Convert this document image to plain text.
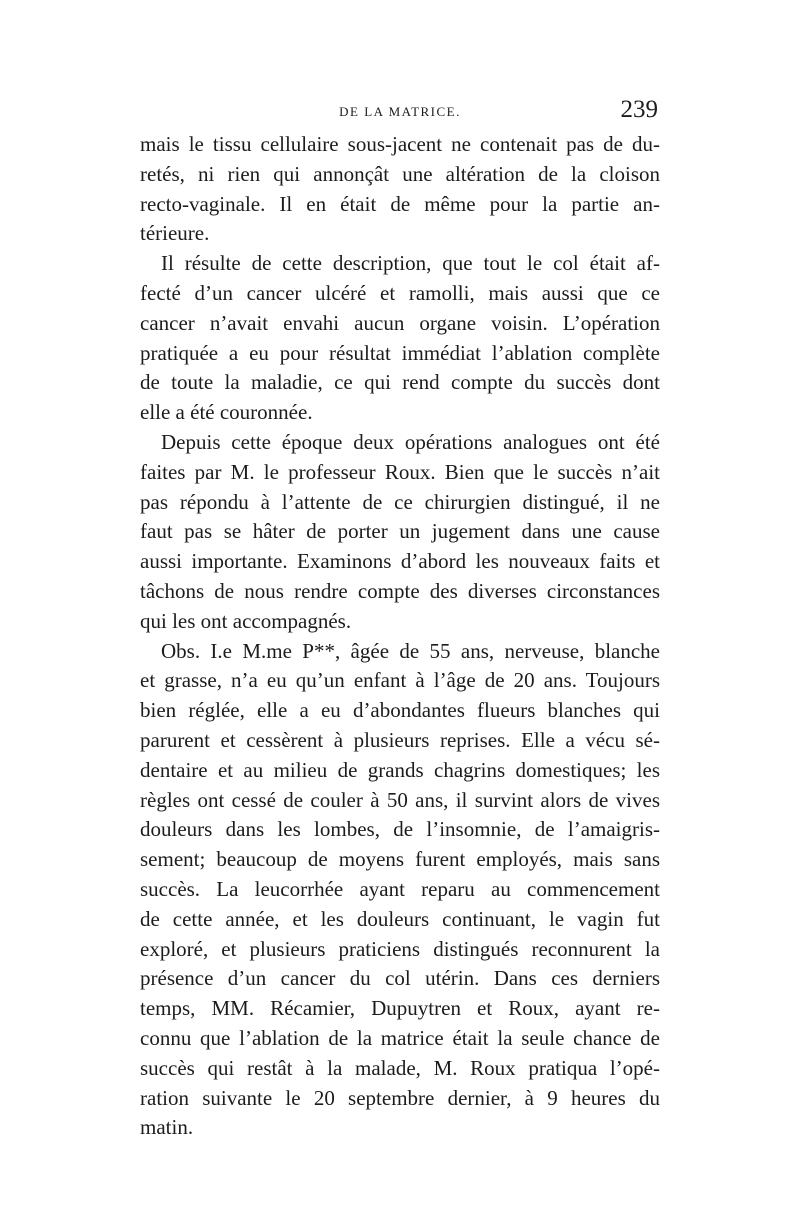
DE LA MATRICE.	239
mais le tissu cellulaire sous-jacent ne contenait pas de du-
retés, ni rien qui annonçât une altération de la cloison
recto-vaginale. Il en était de même pour la partie an-
térieure.
Il résulte de cette description, que tout le col était af-
fecté d’un cancer ulcéré et ramolli, mais aussi que ce
cancer n’avait envahi aucun organe voisin. L’opération
pratiquée a eu pour résultat immédiat l’ablation complète
de toute la maladie, ce qui rend compte du succès dont
elle a été couronnée.
Depuis cette époque deux opérations analogues ont été
faites par M. le professeur Roux. Bien que le succès n’ait
pas répondu à l’attente de ce chirurgien distingué, il ne
faut pas se hâter de porter un jugement dans une cause
aussi importante. Examinons d’abord les nouveaux faits et
tâchons de nous rendre compte des diverses circonstances
qui les ont accompagnés.
Obs. I.e M.me P**, âgée de 55 ans, nerveuse, blanche
et grasse, n’a eu qu’un enfant à l’âge de 20 ans. Toujours
bien réglée, elle a eu d’abondantes flueurs blanches qui
parurent et cessèrent à plusieurs reprises. Elle a vécu sé-
dentaire et au milieu de grands chagrins domestiques; les
règles ont cessé de couler à 50 ans, il survint alors de vives
douleurs dans les lombes, de l’insomnie, de l’amaigris-
sement; beaucoup de moyens furent employés, mais sans
succès. La leucorrhée ayant reparu au commencement
de cette année, et les douleurs continuant, le vagin fut
exploré, et plusieurs praticiens distingués reconnurent la
présence d’un cancer du col utérin. Dans ces derniers
temps, MM. Récamier, Dupuytren et Roux, ayant re-
connu que l’ablation de la matrice était la seule chance de
succès qui restât à la malade, M. Roux pratiqua l’opé-
ration suivante le 20 septembre dernier, à 9 heures du
matin.
